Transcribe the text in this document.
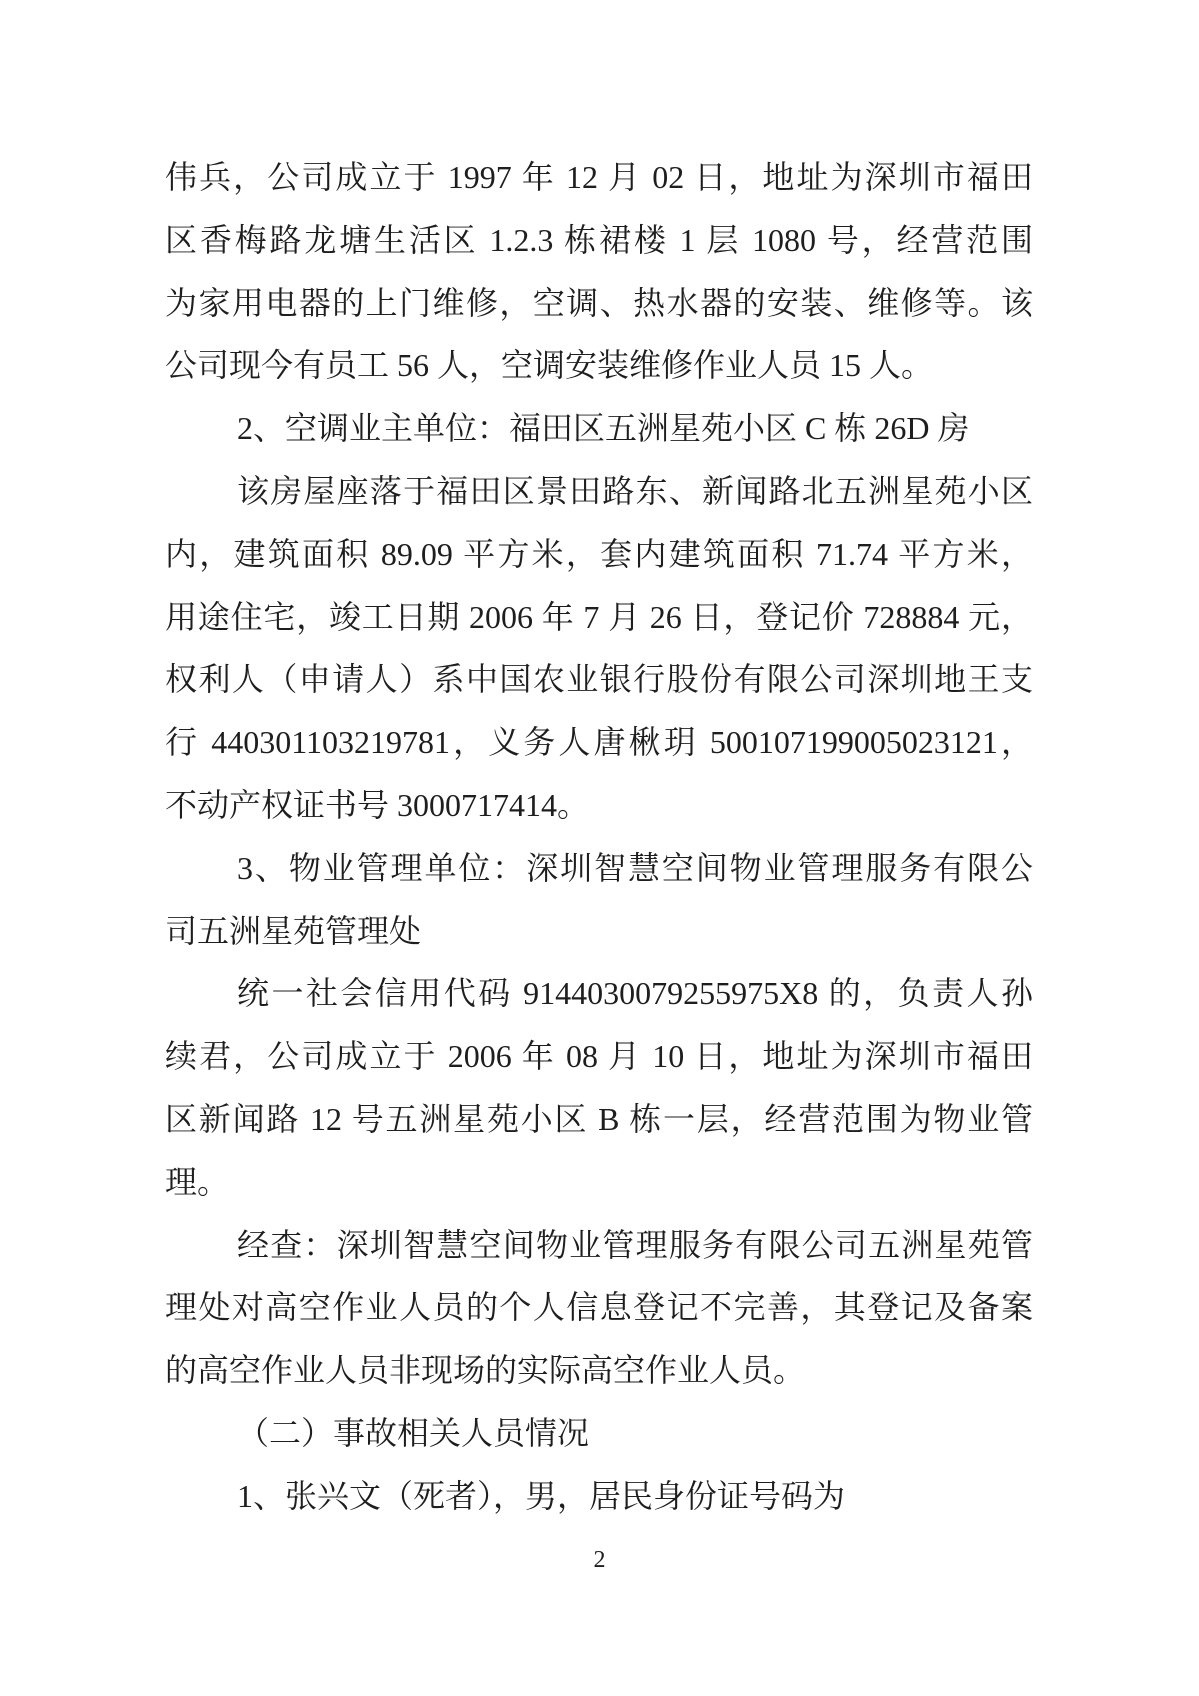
伟兵，公司成立于 1997 年 12 月 02 日，地址为深圳市福田
区香梅路龙塘生活区 1.2.3 栋裙楼 1 层 1080 号，经营范围
为家用电器的上门维修，空调、热水器的安装、维修等。该
公司现今有员工 56 人，空调安装维修作业人员 15 人。
2、空调业主单位：福田区五洲星苑小区 C 栋 26D 房
该房屋座落于福田区景田路东、新闻路北五洲星苑小区
内，建筑面积 89.09 平方米，套内建筑面积 71.74 平方米，
用途住宅，竣工日期 2006 年 7 月 26 日，登记价 728884 元，
权利人（申请人）系中国农业银行股份有限公司深圳地王支
行 440301103219781，义务人唐楸玥 500107199005023121，
不动产权证书号 3000717414。
3、物业管理单位：深圳智慧空间物业管理服务有限公
司五洲星苑管理处
统一社会信用代码 9144030079255975X8 的，负责人孙
续君，公司成立于 2006 年 08 月 10 日，地址为深圳市福田
区新闻路 12 号五洲星苑小区 B 栋一层，经营范围为物业管
理。
经查：深圳智慧空间物业管理服务有限公司五洲星苑管
理处对高空作业人员的个人信息登记不完善，其登记及备案
的高空作业人员非现场的实际高空作业人员。
（二）事故相关人员情况
1、张兴文（死者），男，居民身份证号码为
2
